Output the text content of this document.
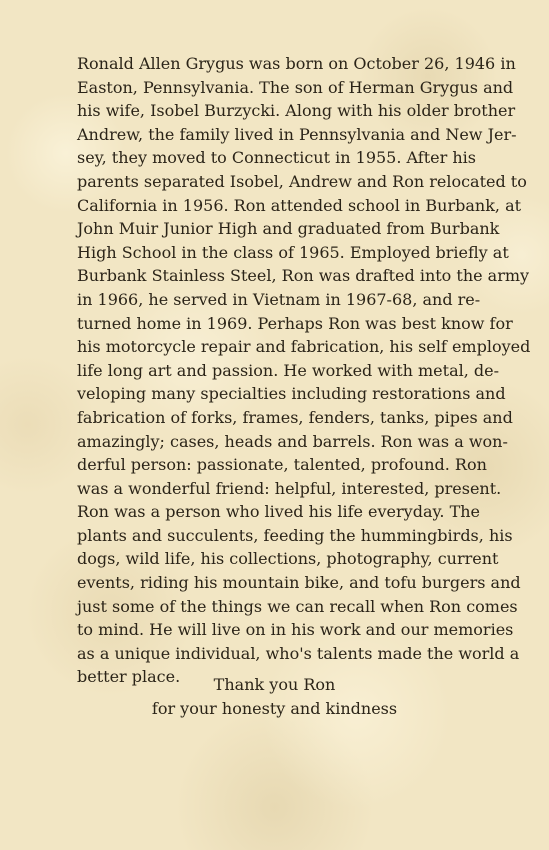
Ronald Allen Grygus was born on October 26, 1946 in
Easton, Pennsylvania. The son of Herman Grygus and
his wife, Isobel Burzycki. Along with his older brother
Andrew, the family lived in Pennsylvania and New Jer-
sey, they moved to Connecticut in 1955. After his
parents separated Isobel, Andrew and Ron relocated to
California in 1956. Ron attended school in Burbank, at
John Muir Junior High and graduated from Burbank
High School in the class of 1965. Employed briefly at
Burbank Stainless Steel, Ron was drafted into the army
in 1966, he served in Vietnam in 1967-68, and re-
turned home in 1969. Perhaps Ron was best know for
his motorcycle repair and fabrication, his self employed
life long art and passion. He worked with metal, de-
veloping many specialties including restorations and
fabrication of forks, frames, fenders, tanks, pipes and
amazingly; cases, heads and barrels. Ron was a won-
derful person: passionate, talented, profound. Ron
was a wonderful friend: helpful, interested, present.
Ron was a person who lived his life everyday. The
plants and succulents, feeding the hummingbirds, his
dogs, wild life, his collections, photography, current
events, riding his mountain bike, and tofu burgers and
just some of the things we can recall when Ron comes
to mind. He will live on in his work and our memories
as a unique individual, who's talents made the world a
better place.	Thank you Ron
for your honesty and kindness
